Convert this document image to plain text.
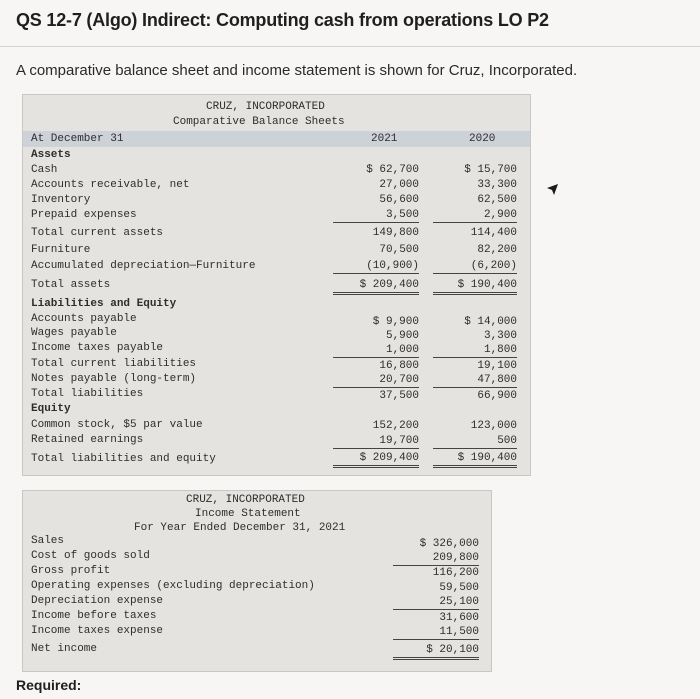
QS 12-7 (Algo) Indirect: Computing cash from operations LO P2
A comparative balance sheet and income statement is shown for Cruz, Incorporated.
CRUZ, INCORPORATED
Comparative Balance Sheets
At December 31	2021	2020
Assets
Cash	$ 62,700	$ 15,700
Accounts receivable, net	27,000	33,300
Inventory	56,600	62,500
Prepaid expenses	3,500	2,900
Total current assets	149,800	114,400
Furniture	70,500	82,200
Accumulated depreciation—Furniture	(10,900)	(6,200)
Total assets	$ 209,400	$ 190,400
Liabilities and Equity
Accounts payable	$ 9,900	$ 14,000
Wages payable	5,900	3,300
Income taxes payable	1,000	1,800
Total current liabilities	16,800	19,100
Notes payable (long-term)	20,700	47,800
Total liabilities	37,500	66,900
Equity
Common stock, $5 par value	152,200	123,000
Retained earnings	19,700	500
Total liabilities and equity	$ 209,400	$ 190,400
CRUZ, INCORPORATED
Income Statement
For Year Ended December 31, 2021
Sales	$ 326,000
Cost of goods sold	209,800
Gross profit	116,200
Operating expenses (excluding depreciation)	59,500
Depreciation expense	25,100
Income before taxes	31,600
Income taxes expense	11,500
Net income	$ 20,100
Required:
